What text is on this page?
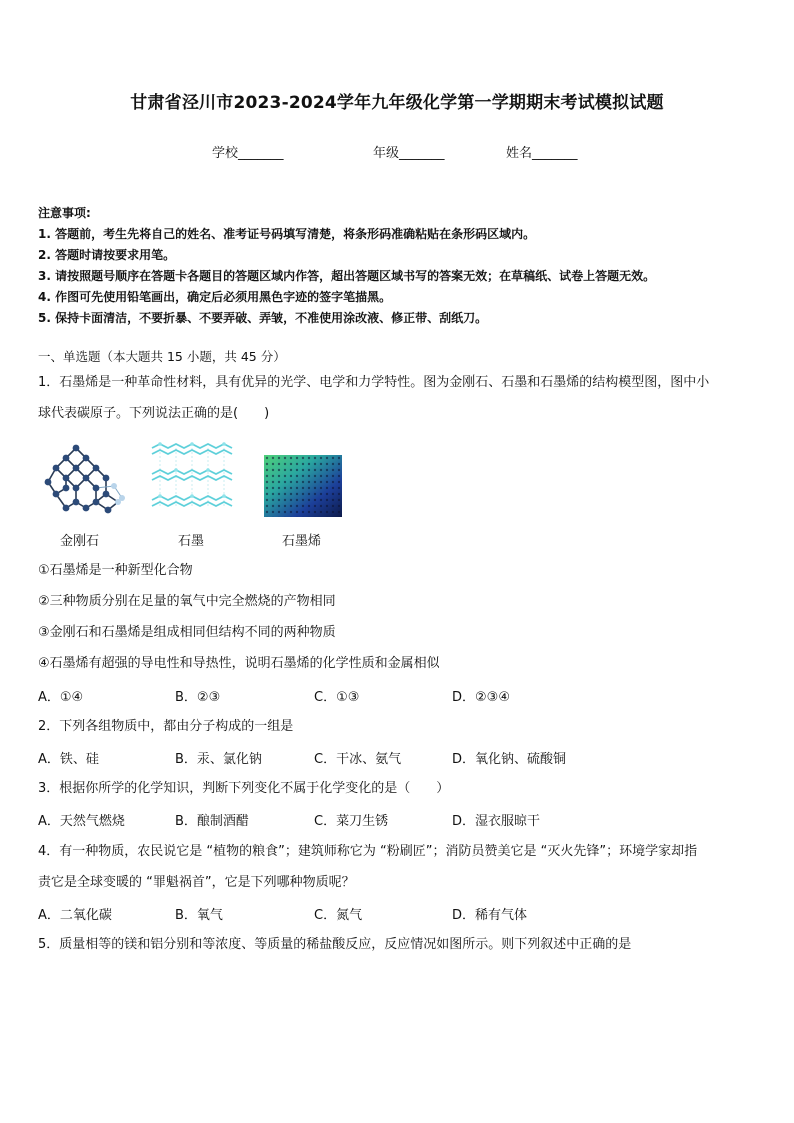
甘肃省泾川市2023-2024学年九年级化学第一学期期末考试模拟试题
学校_______	年级_______	姓名_______
注意事项:
1. 答题前，考生先将自己的姓名、准考证号码填写清楚，将条形码准确粘贴在条形码区域内。
2. 答题时请按要求用笔。
3. 请按照题号顺序在答题卡各题目的答题区域内作答，超出答题区域书写的答案无效；在草稿纸、试卷上答题无效。
4. 作图可先使用铅笔画出，确定后必须用黑色字迹的签字笔描黑。
5. 保持卡面清洁，不要折暴、不要弄破、弄皱，不准使用涂改液、修正带、刮纸刀。
一、单选题（本大题共 15 小题，共 45 分）
1．石墨烯是一种革命性材料，具有优异的光学、电学和力学特性。图为金刚石、石墨和石墨烯的结构模型图，图中小
球代表碳原子。下列说法正确的是(　　)
金刚石	石墨	石墨烯
①石墨烯是一种新型化合物
②三种物质分别在足量的氧气中完全燃烧的产物相同
③金刚石和石墨烯是组成相同但结构不同的两种物质
④石墨烯有超强的导电性和导热性，说明石墨烯的化学性质和金属相似
A．①④	B．②③	C．①③	D．②③④
2．下列各组物质中，都由分子构成的一组是
A．铁、硅	B．汞、氯化钠	C．干冰、氨气	D．氧化钠、硫酸铜
3．根据你所学的化学知识，判断下列变化不属于化学变化的是（　　）
A．天然气燃烧	B．酿制酒醋	C．菜刀生锈	D．湿衣服晾干
4．有一种物质，农民说它是 “植物的粮食”；建筑师称它为 “粉刷匠”；消防员赞美它是 “灭火先锋”；环境学家却指
责它是全球变暖的 “罪魁祸首”，它是下列哪种物质呢？
A．二氧化碳	B．氧气	C．氮气	D．稀有气体
5．质量相等的镁和铝分别和等浓度、等质量的稀盐酸反应，反应情况如图所示。则下列叙述中正确的是
